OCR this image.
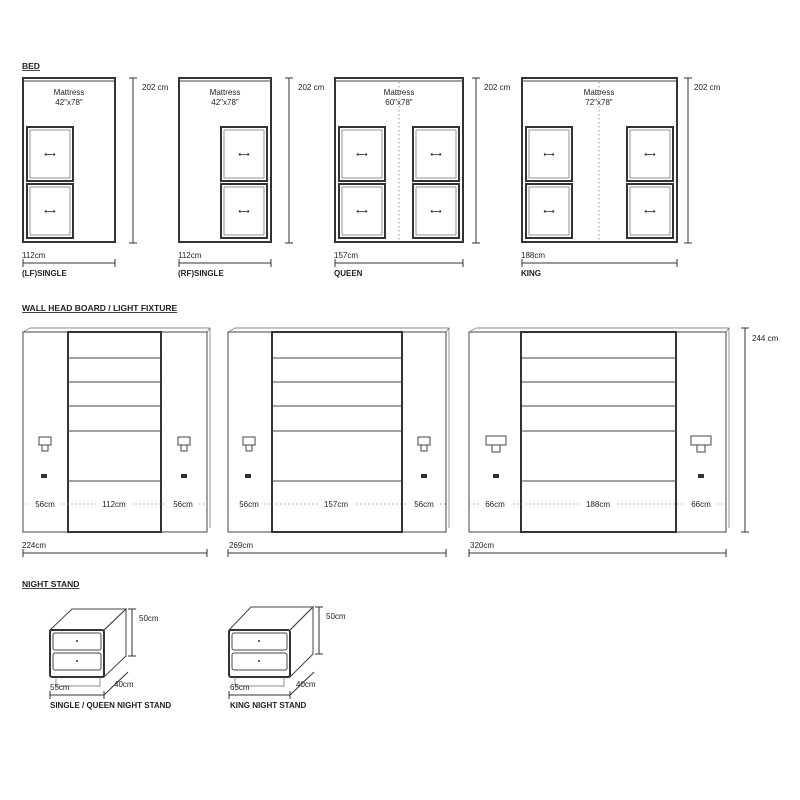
BED
Mattress
42"x78"
⟷
⟷
202 cm
112cm
(LF)SINGLE
Mattress
42"x78"
⟷
⟷
202 cm
112cm
(RF)SINGLE
Mattress
60"x78"
⟷
⟷
⟷
⟷
202 cm
157cm
QUEEN
Mattress
72"x78"
⟷
⟷
⟷
⟷
202 cm
188cm
KING
WALL HEAD BOARD / LIGHT FIXTURE
56cm	112cm	56cm
224cm
56cm	157cm	56cm
269cm
66cm	188cm	66cm
320cm
244 cm
NIGHT STAND
50cm
55cm	40cm
SINGLE / QUEEN NIGHT STAND
50cm
65cm	40cm
KING NIGHT STAND
